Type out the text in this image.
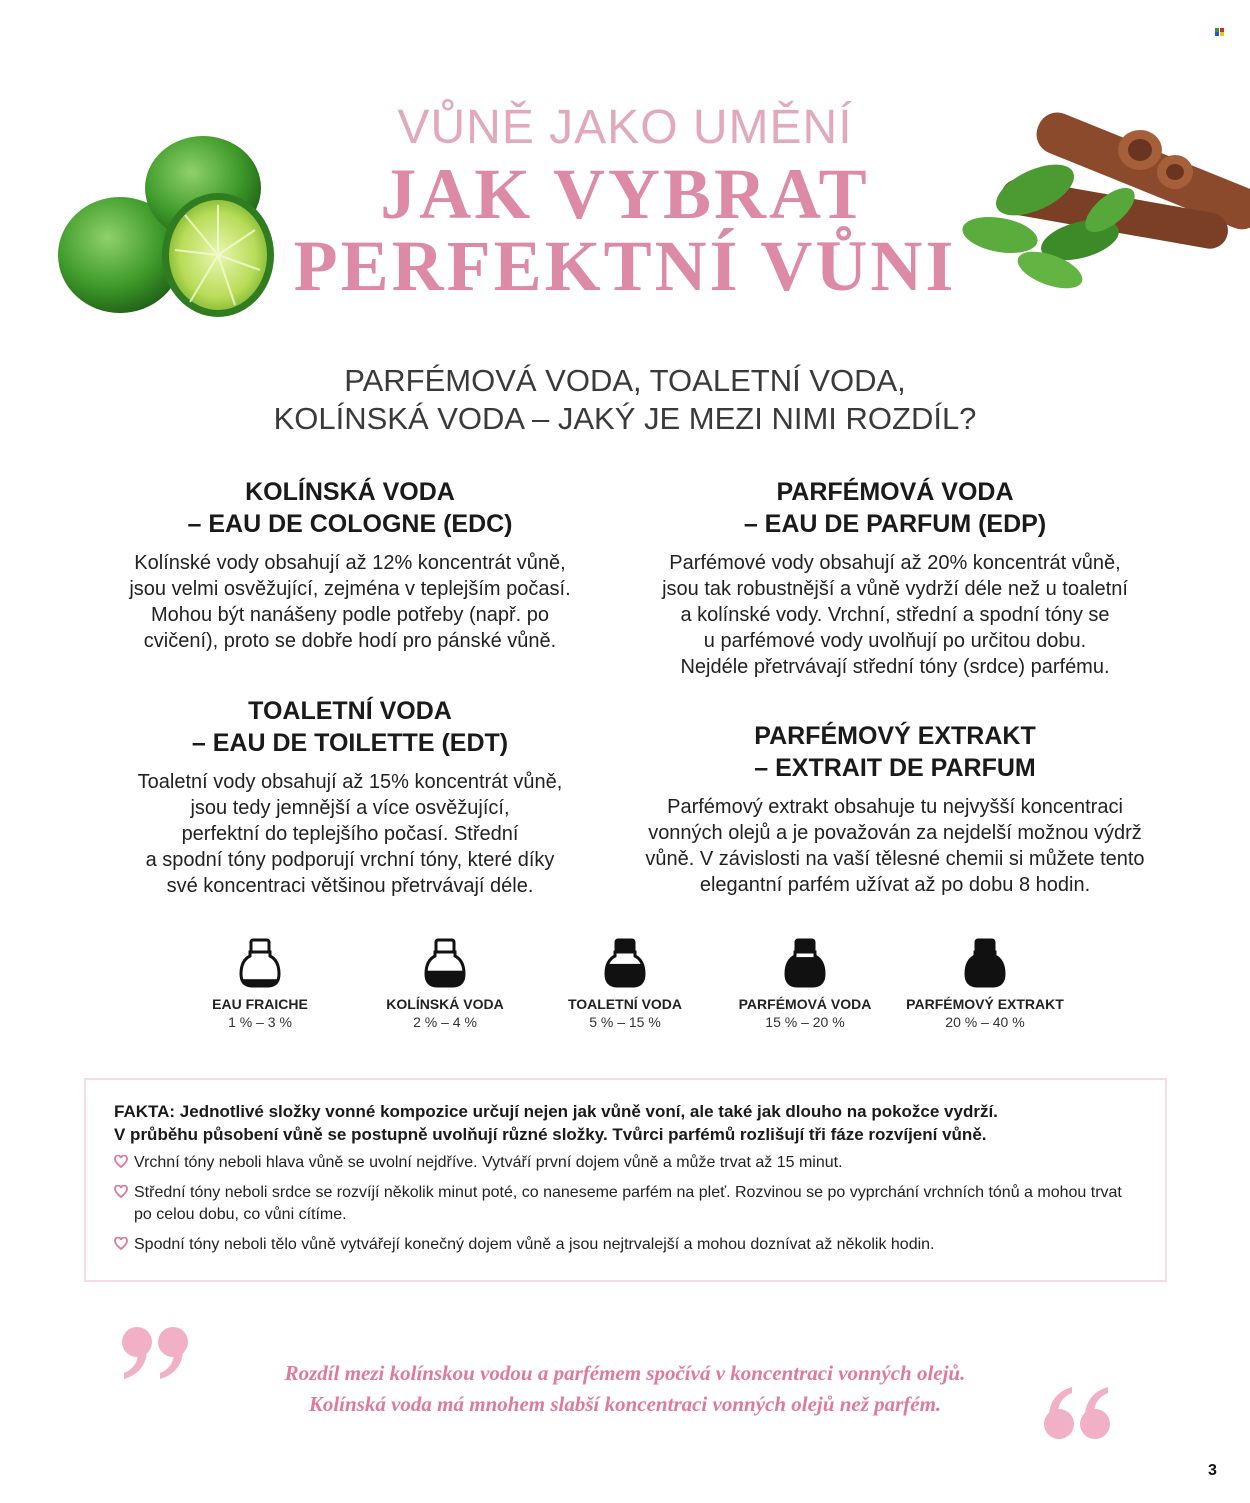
VŮNĚ JAKO UMĚNÍ
JAK VYBRAT
PERFEKTNÍ VŮNI
PARFÉMOVÁ VODA, TOALETNÍ VODA,
KOLÍNSKÁ VODA – JAKÝ JE MEZI NIMI ROZDÍL?
KOLÍNSKÁ VODA
– EAU DE COLOGNE (EDC)

Kolínské vody obsahují až 12% koncentrát vůně,
jsou velmi osvěžující, zejména v teplejším počasí.
Mohou být nanášeny podle potřeby (např. po
cvičení), proto se dobře hodí pro pánské vůně.

PARFÉMOVÁ VODA
– EAU DE PARFUM (EDP)

Parfémové vody obsahují až 20% koncentrát vůně,
jsou tak robustnější a vůně vydrží déle než u toaletní
a kolínské vody. Vrchní, střední a spodní tóny se
u parfémové vody uvolňují po určitou dobu.
Nejdéle přetrvávají střední tóny (srdce) parfému.

TOALETNÍ VODA
– EAU DE TOILETTE (EDT)

Toaletní vody obsahují až 15% koncentrát vůně,
jsou tedy jemnější a více osvěžující,
perfektní do teplejšího počasí. Střední
a spodní tóny podporují vrchní tóny, které díky
své koncentraci většinou přetrvávají déle.

PARFÉMOVÝ EXTRAKT
– EXTRAIT DE PARFUM

Parfémový extrakt obsahuje tu nejvyšší koncentraci
vonných olejů a je považován za nejdelší možnou výdrž
vůně. V závislosti na vaší tělesné chemii si můžete tento
elegantní parfém užívat až po dobu 8 hodin.

EAU FRAICHE
1 % – 3 %
KOLÍNSKÁ VODA
2 % – 4 %
TOALETNÍ VODA
5 % – 15 %
PARFÉMOVÁ VODA
15 % – 20 %
PARFÉMOVÝ EXTRAKT
20 % – 40 %
FAKTA: Jednotlivé složky vonné kompozice určují nejen jak vůně voní, ale také jak dlouho na pokožce vydrží.
V průběhu působení vůně se postupně uvolňují různé složky. Tvůrci parfémů rozlišují tři fáze rozvíjení vůně.
Vrchní tóny neboli hlava vůně se uvolní nejdříve. Vytváří první dojem vůně a může trvat až 15 minut.
Střední tóny neboli srdce se rozvíjí několik minut poté, co naneseme parfém na pleť. Rozvinou se po vyprchání vrchních tónů a mohou trvat po celou dobu, co vůni cítíme.
Spodní tóny neboli tělo vůně vytvářejí konečný dojem vůně a jsou nejtrvalejší a mohou doznívat až několik hodin.
Rozdíl mezi kolínskou vodou a parfémem spočívá v koncentraci vonných olejů.
Kolínská voda má mnohem slabší koncentraci vonných olejů než parfém.
3
